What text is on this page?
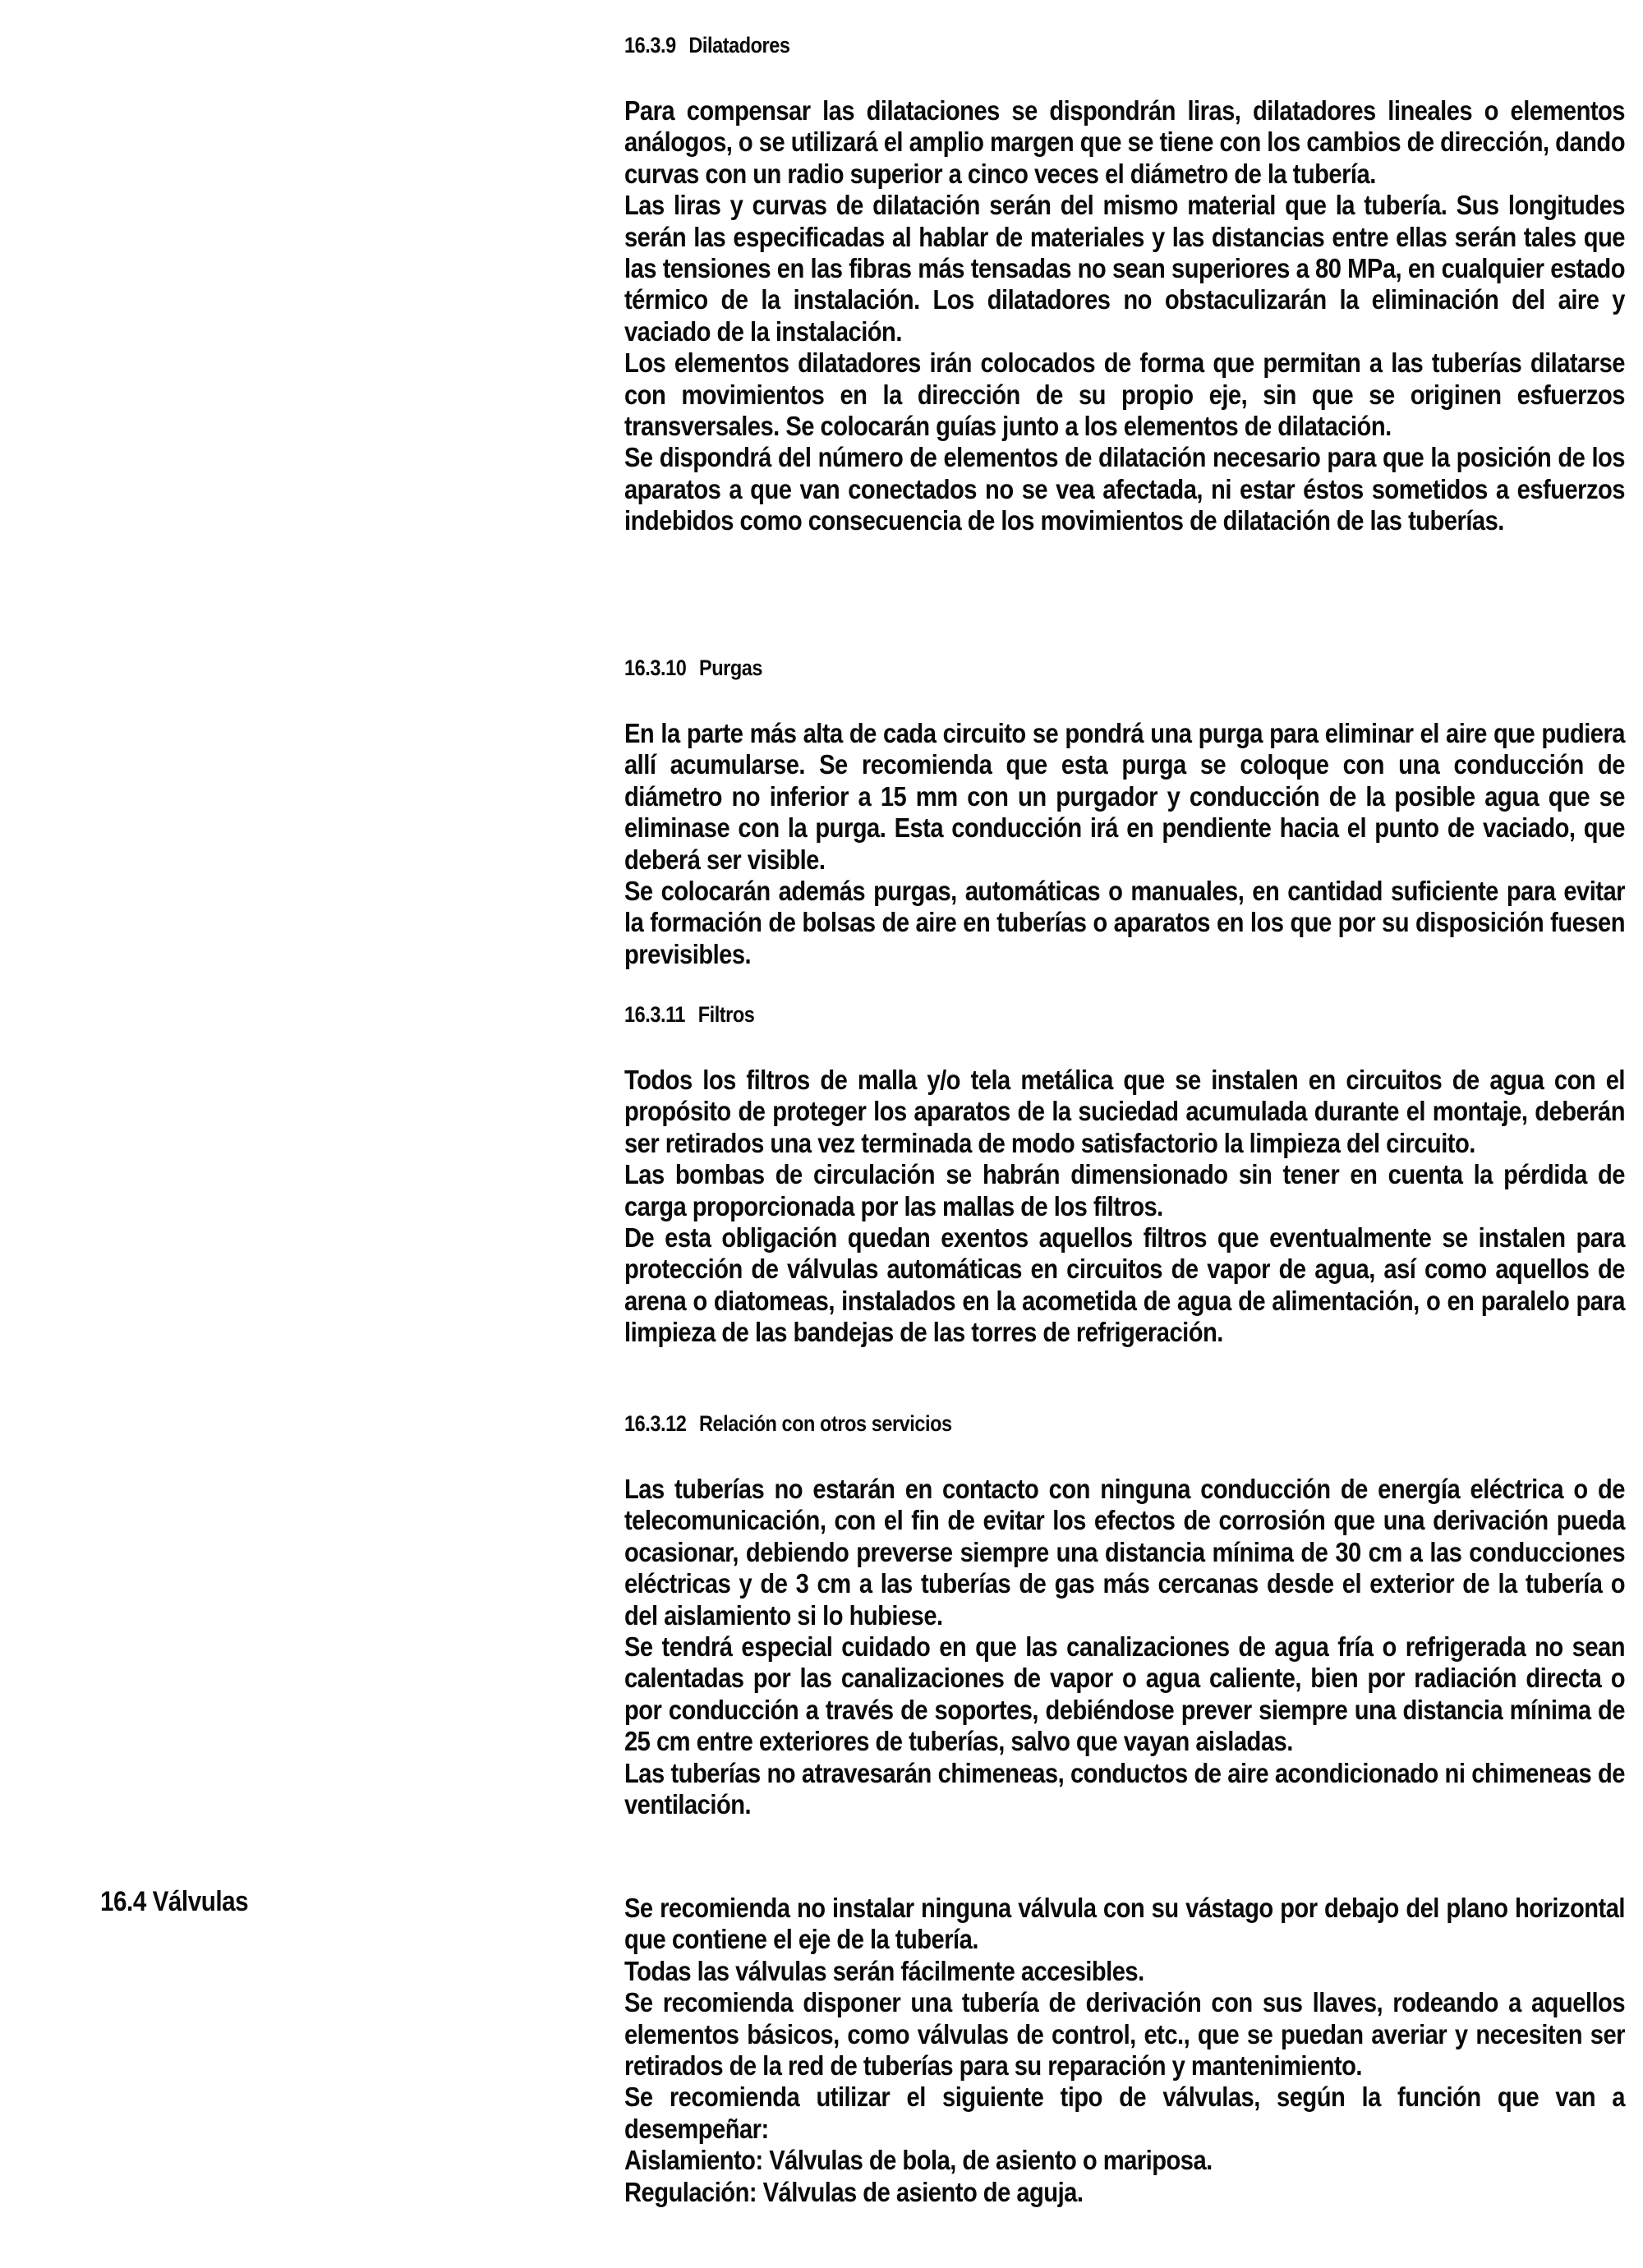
16.4 Válvulas
16.3.9 Dilatadores

Para compensar las dilataciones se dispondrán liras, dilatadores lineales o elementos análogos, o se utilizará el amplio margen que se tiene con los cambios de dirección, dando curvas con un radio superior a cinco veces el diámetro de la tubería.

Las liras y curvas de dilatación serán del mismo material que la tubería. Sus longitudes serán las especificadas al hablar de materiales y las distancias entre ellas serán tales que las tensiones en las fibras más tensadas no sean superiores a 80 MPa, en cualquier estado térmico de la instalación. Los dilatadores no obstaculizarán la eliminación del aire y vaciado de la instalación.

Los elementos dilatadores irán colocados de forma que permitan a las tuberías dilatarse con movimientos en la dirección de su propio eje, sin que se originen esfuerzos transversales. Se colocarán guías junto a los elementos de dilatación.

Se dispondrá del número de elementos de dilatación necesario para que la posición de los aparatos a que van conectados no se vea afectada, ni estar éstos sometidos a esfuerzos indebidos como consecuencia de los movimientos de dilatación de las tuberías.

16.3.10 Purgas

En la parte más alta de cada circuito se pondrá una purga para eliminar el aire que pudiera allí acumularse. Se recomienda que esta purga se coloque con una conducción de diámetro no inferior a 15 mm con un purgador y conducción de la posible agua que se eliminase con la purga. Esta conducción irá en pendiente hacia el punto de vaciado, que deberá ser visible.

Se colocarán además purgas, automáticas o manuales, en cantidad suficiente para evitar la formación de bolsas de aire en tuberías o aparatos en los que por su disposición fuesen previsibles.

16.3.11 Filtros

Todos los filtros de malla y/o tela metálica que se instalen en circuitos de agua con el propósito de proteger los aparatos de la suciedad acumulada durante el montaje, deberán ser retirados una vez terminada de modo satisfactorio la limpieza del circuito.

Las bombas de circulación se habrán dimensionado sin tener en cuenta la pérdida de carga proporcionada por las mallas de los filtros.

De esta obligación quedan exentos aquellos filtros que eventualmente se instalen para protección de válvulas automáticas en circuitos de vapor de agua, así como aquellos de arena o diatomeas, instalados en la acometida de agua de alimentación, o en paralelo para limpieza de las bandejas de las torres de refrigeración.

16.3.12 Relación con otros servicios

Las tuberías no estarán en contacto con ninguna conducción de energía eléctrica o de telecomunicación, con el fin de evitar los efectos de corrosión que una derivación pueda ocasionar, debiendo preverse siempre una distancia mínima de 30 cm a las conducciones eléctricas y de 3 cm a las tuberías de gas más cercanas desde el exterior de la tubería o del aislamiento si lo hubiese.

Se tendrá especial cuidado en que las canalizaciones de agua fría o refrigerada no sean calentadas por las canalizaciones de vapor o agua caliente, bien por radiación directa o por conducción a través de soportes, debiéndose prever siempre una distancia mínima de 25 cm entre exteriores de tuberías, salvo que vayan aisladas.

Las tuberías no atravesarán chimeneas, conductos de aire acondicionado ni chimeneas de ventilación.

Se recomienda no instalar ninguna válvula con su vástago por debajo del plano horizontal que contiene el eje de la tubería.

Todas las válvulas serán fácilmente accesibles.

Se recomienda disponer una tubería de derivación con sus llaves, rodeando a aquellos elementos básicos, como válvulas de control, etc., que se puedan averiar y necesiten ser retirados de la red de tuberías para su reparación y mantenimiento.

Se recomienda utilizar el siguiente tipo de válvulas, según la función que van a desempeñar:

Aislamiento: Válvulas de bola, de asiento o mariposa.

Regulación: Válvulas de asiento de aguja.
